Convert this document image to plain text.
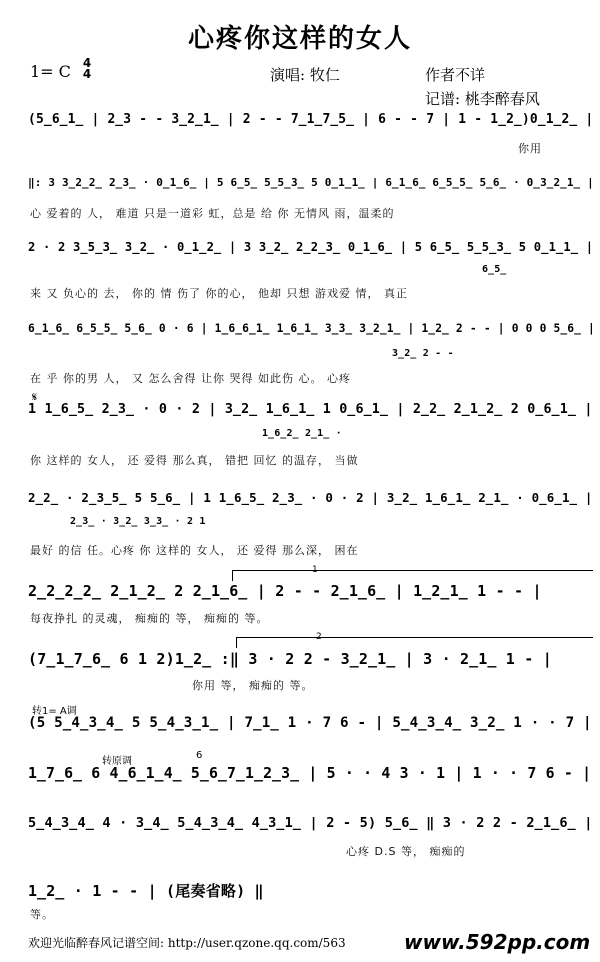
心疼你这样的女人
1= C 4
4	演唱: 牧仁	作者不详
记谱: 桃李醉春风
(5̲6̲1̲ | 2̲3 - - 3̲2̲1̲ | 2 - - 7̲1̲7̲5̲ | 6 - - 7 | 1 - 1̲2̲)0̲1̲2̲ |
你用
‖: 3 3̲2̲2̲ 2̲3̲ · 0̲1̲6̲ | 5 6̲5̲ 5̲5̲3̲ 5 0̲1̲1̲ | 6̲1̲6̲ 6̲5̲5̲ 5̲6̲ · 0̲3̲2̲1̲ |
心 爱着的 人， 难道 只是一道彩 虹，总是 给 你 无情风 雨，温柔的
2 · 2 3̲5̲3̲ 3̲2̲ · 0̲1̲2̲ | 3 3̲2̲ 2̲2̲3̲ 0̲1̲6̲ | 5 6̲5̲ 5̲5̲3̲ 5 0̲1̲1̲ |
6̲5̲
来 又 负心的 去， 你的 情 伤了 你的心， 他却 只想 游戏爱 情， 真正
6̲1̲6̲ 6̲5̲5̲ 5̲6̲ 0 · 6 | 1̲6̲6̲1̲ 1̲6̲1̲ 3̲3̲ 3̲2̲1̲ | 1̲2̲ 2 - - | 0 0 0 5̲6̲ |
3̲2̲ 2 - -
在 乎 你的男 人， 又 怎么舍得 让你 哭得 如此伤 心。 心疼
𝄋
1 1̲6̲5̲ 2̲3̲ · 0 · 2 | 3̲2̲ 1̲6̲1̲ 1 0̲6̲1̲ | 2̲2̲ 2̲1̲2̲ 2 0̲6̲1̲ |
1̲6̲2̲ 2̲1̲ ·
你 这样的 女人， 还 爱得 那么真， 错把 回忆 的温存， 当做
2̲2̲ · 2̲3̲5̲ 5 5̲6̲ | 1 1̲6̲5̲ 2̲3̲ · 0 · 2 | 3̲2̲ 1̲6̲1̲ 2̲1̲ · 0̲6̲1̲ |
2̲3̲ · 3̲2̲ 3̲3̲ · 2 1
最好 的信 任。心疼 你 这样的 女人， 还 爱得 那么深， 困在
1
2̲2̲2̲2̲ 2̲1̲2̲ 2 2̲1̲6̲ | 2 - - 2̲1̲6̲ | 1̲2̲1̲ 1 - - |
每夜挣扎 的灵魂， 痴痴的 等， 痴痴的 等。
2
(7̲1̲7̲6̲ 6 1 2)1̲2̲ :‖ 3 · 2 2 - 3̲2̲1̲ | 3 · 2̲1̲ 1 - |
你用 等， 痴痴的 等。
转1= A调
(5 5̲4̲3̲4̲ 5 5̲4̲3̲1̲ | 7̲1̲ 1 · 7 6 - | 5̲4̲3̲4̲ 3̲2̲ 1 · · 7 |
转原调
6
1̲7̲6̲ 6 4̲6̲1̲4̲ 5̲6̲7̲1̲2̲3̲ | 5 · · 4 3 · 1 | 1 · · 7 6 - |
5̲4̲3̲4̲ 4 · 3̲4̲ 5̲4̲3̲4̲ 4̲3̲1̲ | 2 - 5) 5̲6̲ ‖ 3 · 2 2 - 2̲1̲6̲ |
心疼 D.S 等， 痴痴的
1̲2̲ · 1 - - | (尾奏省略) ‖
等。
欢迎光临醉春风记谱空间: http://user.qzone.qq.com/563	www.592pp.com
